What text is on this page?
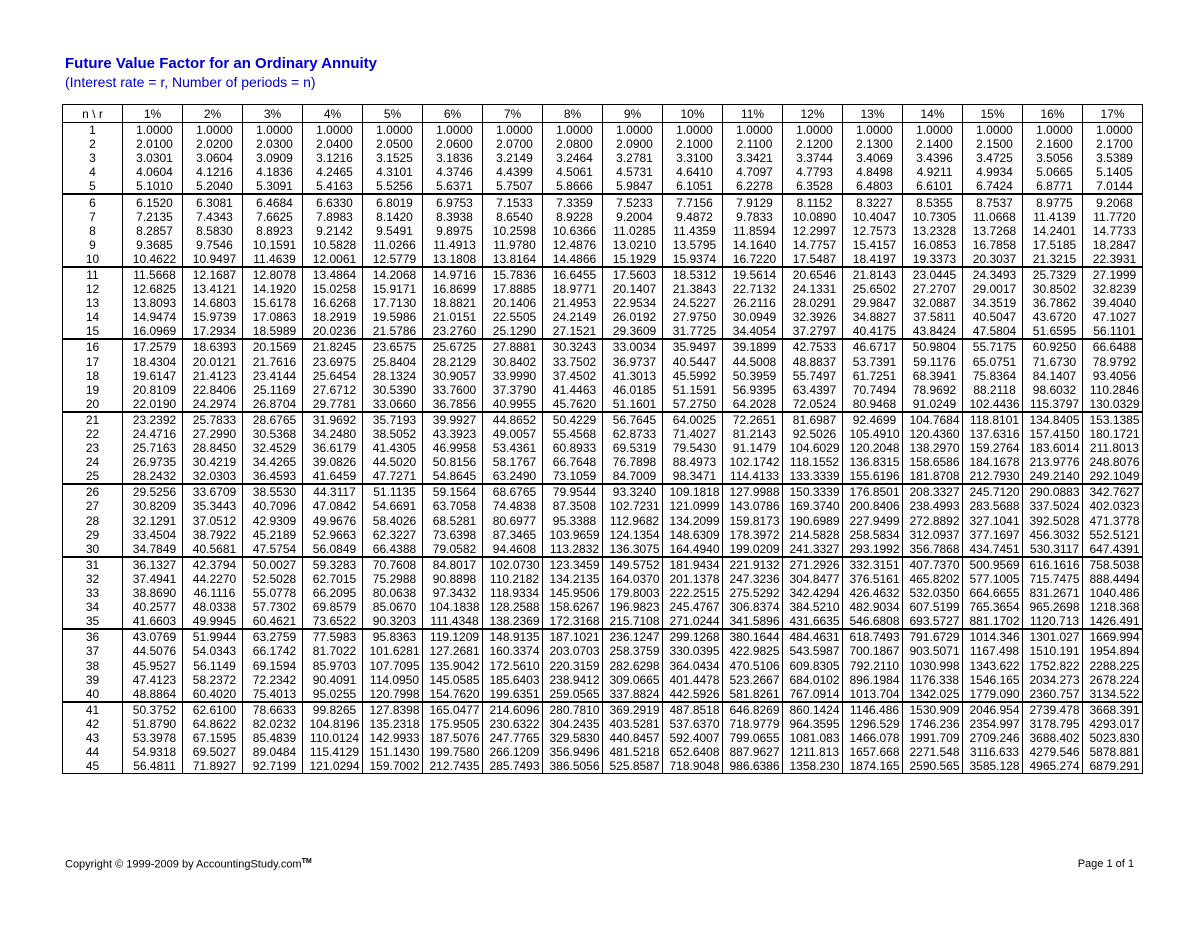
Future Value Factor for an Ordinary Annuity
(Interest rate = r, Number of periods = n)
n \ r	1%	2%	3%	4%	5%	6%	7%	8%	9%	10%	11%	12%	13%	14%	15%	16%	17%
1	1.0000	1.0000	1.0000	1.0000	1.0000	1.0000	1.0000	1.0000	1.0000	1.0000	1.0000	1.0000	1.0000	1.0000	1.0000	1.0000	1.0000
2	2.0100	2.0200	2.0300	2.0400	2.0500	2.0600	2.0700	2.0800	2.0900	2.1000	2.1100	2.1200	2.1300	2.1400	2.1500	2.1600	2.1700
3	3.0301	3.0604	3.0909	3.1216	3.1525	3.1836	3.2149	3.2464	3.2781	3.3100	3.3421	3.3744	3.4069	3.4396	3.4725	3.5056	3.5389
4	4.0604	4.1216	4.1836	4.2465	4.3101	4.3746	4.4399	4.5061	4.5731	4.6410	4.7097	4.7793	4.8498	4.9211	4.9934	5.0665	5.1405
5	5.1010	5.2040	5.3091	5.4163	5.5256	5.6371	5.7507	5.8666	5.9847	6.1051	6.2278	6.3528	6.4803	6.6101	6.7424	6.8771	7.0144
6	6.1520	6.3081	6.4684	6.6330	6.8019	6.9753	7.1533	7.3359	7.5233	7.7156	7.9129	8.1152	8.3227	8.5355	8.7537	8.9775	9.2068
7	7.2135	7.4343	7.6625	7.8983	8.1420	8.3938	8.6540	8.9228	9.2004	9.4872	9.7833	10.0890	10.4047	10.7305	11.0668	11.4139	11.7720
8	8.2857	8.5830	8.8923	9.2142	9.5491	9.8975	10.2598	10.6366	11.0285	11.4359	11.8594	12.2997	12.7573	13.2328	13.7268	14.2401	14.7733
9	9.3685	9.7546	10.1591	10.5828	11.0266	11.4913	11.9780	12.4876	13.0210	13.5795	14.1640	14.7757	15.4157	16.0853	16.7858	17.5185	18.2847
10	10.4622	10.9497	11.4639	12.0061	12.5779	13.1808	13.8164	14.4866	15.1929	15.9374	16.7220	17.5487	18.4197	19.3373	20.3037	21.3215	22.3931
11	11.5668	12.1687	12.8078	13.4864	14.2068	14.9716	15.7836	16.6455	17.5603	18.5312	19.5614	20.6546	21.8143	23.0445	24.3493	25.7329	27.1999
12	12.6825	13.4121	14.1920	15.0258	15.9171	16.8699	17.8885	18.9771	20.1407	21.3843	22.7132	24.1331	25.6502	27.2707	29.0017	30.8502	32.8239
13	13.8093	14.6803	15.6178	16.6268	17.7130	18.8821	20.1406	21.4953	22.9534	24.5227	26.2116	28.0291	29.9847	32.0887	34.3519	36.7862	39.4040
14	14.9474	15.9739	17.0863	18.2919	19.5986	21.0151	22.5505	24.2149	26.0192	27.9750	30.0949	32.3926	34.8827	37.5811	40.5047	43.6720	47.1027
15	16.0969	17.2934	18.5989	20.0236	21.5786	23.2760	25.1290	27.1521	29.3609	31.7725	34.4054	37.2797	40.4175	43.8424	47.5804	51.6595	56.1101
16	17.2579	18.6393	20.1569	21.8245	23.6575	25.6725	27.8881	30.3243	33.0034	35.9497	39.1899	42.7533	46.6717	50.9804	55.7175	60.9250	66.6488
17	18.4304	20.0121	21.7616	23.6975	25.8404	28.2129	30.8402	33.7502	36.9737	40.5447	44.5008	48.8837	53.7391	59.1176	65.0751	71.6730	78.9792
18	19.6147	21.4123	23.4144	25.6454	28.1324	30.9057	33.9990	37.4502	41.3013	45.5992	50.3959	55.7497	61.7251	68.3941	75.8364	84.1407	93.4056
19	20.8109	22.8406	25.1169	27.6712	30.5390	33.7600	37.3790	41.4463	46.0185	51.1591	56.9395	63.4397	70.7494	78.9692	88.2118	98.6032	110.2846
20	22.0190	24.2974	26.8704	29.7781	33.0660	36.7856	40.9955	45.7620	51.1601	57.2750	64.2028	72.0524	80.9468	91.0249	102.4436	115.3797	130.0329
21	23.2392	25.7833	28.6765	31.9692	35.7193	39.9927	44.8652	50.4229	56.7645	64.0025	72.2651	81.6987	92.4699	104.7684	118.8101	134.8405	153.1385
22	24.4716	27.2990	30.5368	34.2480	38.5052	43.3923	49.0057	55.4568	62.8733	71.4027	81.2143	92.5026	105.4910	120.4360	137.6316	157.4150	180.1721
23	25.7163	28.8450	32.4529	36.6179	41.4305	46.9958	53.4361	60.8933	69.5319	79.5430	91.1479	104.6029	120.2048	138.2970	159.2764	183.6014	211.8013
24	26.9735	30.4219	34.4265	39.0826	44.5020	50.8156	58.1767	66.7648	76.7898	88.4973	102.1742	118.1552	136.8315	158.6586	184.1678	213.9776	248.8076
25	28.2432	32.0303	36.4593	41.6459	47.7271	54.8645	63.2490	73.1059	84.7009	98.3471	114.4133	133.3339	155.6196	181.8708	212.7930	249.2140	292.1049
26	29.5256	33.6709	38.5530	44.3117	51.1135	59.1564	68.6765	79.9544	93.3240	109.1818	127.9988	150.3339	176.8501	208.3327	245.7120	290.0883	342.7627
27	30.8209	35.3443	40.7096	47.0842	54.6691	63.7058	74.4838	87.3508	102.7231	121.0999	143.0786	169.3740	200.8406	238.4993	283.5688	337.5024	402.0323
28	32.1291	37.0512	42.9309	49.9676	58.4026	68.5281	80.6977	95.3388	112.9682	134.2099	159.8173	190.6989	227.9499	272.8892	327.1041	392.5028	471.3778
29	33.4504	38.7922	45.2189	52.9663	62.3227	73.6398	87.3465	103.9659	124.1354	148.6309	178.3972	214.5828	258.5834	312.0937	377.1697	456.3032	552.5121
30	34.7849	40.5681	47.5754	56.0849	66.4388	79.0582	94.4608	113.2832	136.3075	164.4940	199.0209	241.3327	293.1992	356.7868	434.7451	530.3117	647.4391
31	36.1327	42.3794	50.0027	59.3283	70.7608	84.8017	102.0730	123.3459	149.5752	181.9434	221.9132	271.2926	332.3151	407.7370	500.9569	616.1616	758.5038
32	37.4941	44.2270	52.5028	62.7015	75.2988	90.8898	110.2182	134.2135	164.0370	201.1378	247.3236	304.8477	376.5161	465.8202	577.1005	715.7475	888.4494
33	38.8690	46.1116	55.0778	66.2095	80.0638	97.3432	118.9334	145.9506	179.8003	222.2515	275.5292	342.4294	426.4632	532.0350	664.6655	831.2671	1040.486
34	40.2577	48.0338	57.7302	69.8579	85.0670	104.1838	128.2588	158.6267	196.9823	245.4767	306.8374	384.5210	482.9034	607.5199	765.3654	965.2698	1218.368
35	41.6603	49.9945	60.4621	73.6522	90.3203	111.4348	138.2369	172.3168	215.7108	271.0244	341.5896	431.6635	546.6808	693.5727	881.1702	1120.713	1426.491
36	43.0769	51.9944	63.2759	77.5983	95.8363	119.1209	148.9135	187.1021	236.1247	299.1268	380.1644	484.4631	618.7493	791.6729	1014.346	1301.027	1669.994
37	44.5076	54.0343	66.1742	81.7022	101.6281	127.2681	160.3374	203.0703	258.3759	330.0395	422.9825	543.5987	700.1867	903.5071	1167.498	1510.191	1954.894
38	45.9527	56.1149	69.1594	85.9703	107.7095	135.9042	172.5610	220.3159	282.6298	364.0434	470.5106	609.8305	792.2110	1030.998	1343.622	1752.822	2288.225
39	47.4123	58.2372	72.2342	90.4091	114.0950	145.0585	185.6403	238.9412	309.0665	401.4478	523.2667	684.0102	896.1984	1176.338	1546.165	2034.273	2678.224
40	48.8864	60.4020	75.4013	95.0255	120.7998	154.7620	199.6351	259.0565	337.8824	442.5926	581.8261	767.0914	1013.704	1342.025	1779.090	2360.757	3134.522
41	50.3752	62.6100	78.6633	99.8265	127.8398	165.0477	214.6096	280.7810	369.2919	487.8518	646.8269	860.1424	1146.486	1530.909	2046.954	2739.478	3668.391
42	51.8790	64.8622	82.0232	104.8196	135.2318	175.9505	230.6322	304.2435	403.5281	537.6370	718.9779	964.3595	1296.529	1746.236	2354.997	3178.795	4293.017
43	53.3978	67.1595	85.4839	110.0124	142.9933	187.5076	247.7765	329.5830	440.8457	592.4007	799.0655	1081.083	1466.078	1991.709	2709.246	3688.402	5023.830
44	54.9318	69.5027	89.0484	115.4129	151.1430	199.7580	266.1209	356.9496	481.5218	652.6408	887.9627	1211.813	1657.668	2271.548	3116.633	4279.546	5878.881
45	56.4811	71.8927	92.7199	121.0294	159.7002	212.7435	285.7493	386.5056	525.8587	718.9048	986.6386	1358.230	1874.165	2590.565	3585.128	4965.274	6879.291
Copyright © 1999-2009 by AccountingStudy.com™	Page 1 of 1
